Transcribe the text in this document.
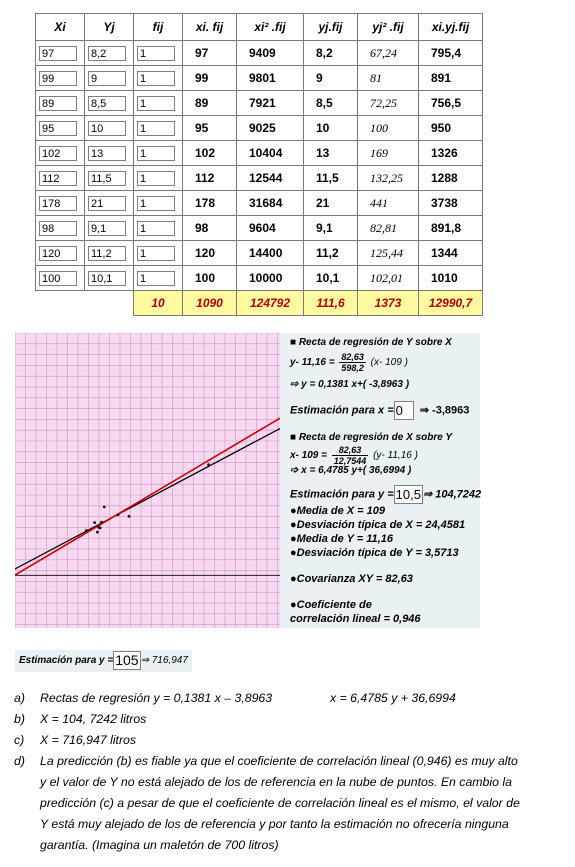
Xi	Yj	fij	xi. fij	xi² .fij	yj.fij	yj² .fij	xi.yj.fij
97	8,2	1	97	9409	8,2	67,24	795,4
99	9	1	99	9801	9	81	891
89	8,5	1	89	7921	8,5	72,25	756,5
95	10	1	95	9025	10	100	950
102	13	1	102	10404	13	169	1326
112	11,5	1	112	12544	11,5	132,25	1288
178	21	1	178	31684	21	441	3738
98	9,1	1	98	9604	9,1	82,81	891,8
120	11,2	1	120	14400	11,2	125,44	1344
100	10,1	1	100	10000	10,1	102,01	1010
		10	1090	124792	111,6	1373	12990,7
■ Recta de regresión de Y sobre X
y- $11,16 = \frac{82,63}{598,2} (x-$ 109 )
⇨ y = 0,1381 x+( -3,8963 )
Estimación para x = 0 ⇒ -3,8963
■ Recta de regresión de X sobre Y
x- $109 = \frac{82,63}{12,7544} (y-$ 11,16 )
➩ x = 6,4785 y+( 36,6994 )
Estimación para y = 10,5 ⇒ 104,7242
●Media de X = 109
●Desviación típica de X = 24,4581
●Media de Y = 11,16
●Desviación típica de Y = 3,5713
●Covarianza XY = 82,63
●Coeficiente de
correlación lineal = 0,946
Estimación para y = 105 ⇒ 716,947
a) Rectas de regresión y = 0,1381 x – 3,8963	x = 6,4785 y + 36,6994
b) X = 104, 7242 litros
c) X = 716,947 litros
d) La predicción (b) es fiable ya que el coeficiente de correlación lineal (0,946) es muy alto
y el valor de Y no está alejado de los de referencia en la nube de puntos. En cambio la
predicción (c) a pesar de que el coeficiente de correlación lineal es el mismo, el valor de
Y está muy alejado de los de referencia y por tanto la estimación no ofrecería ninguna
garantía. (Imagina un maletón de 700 litros)
